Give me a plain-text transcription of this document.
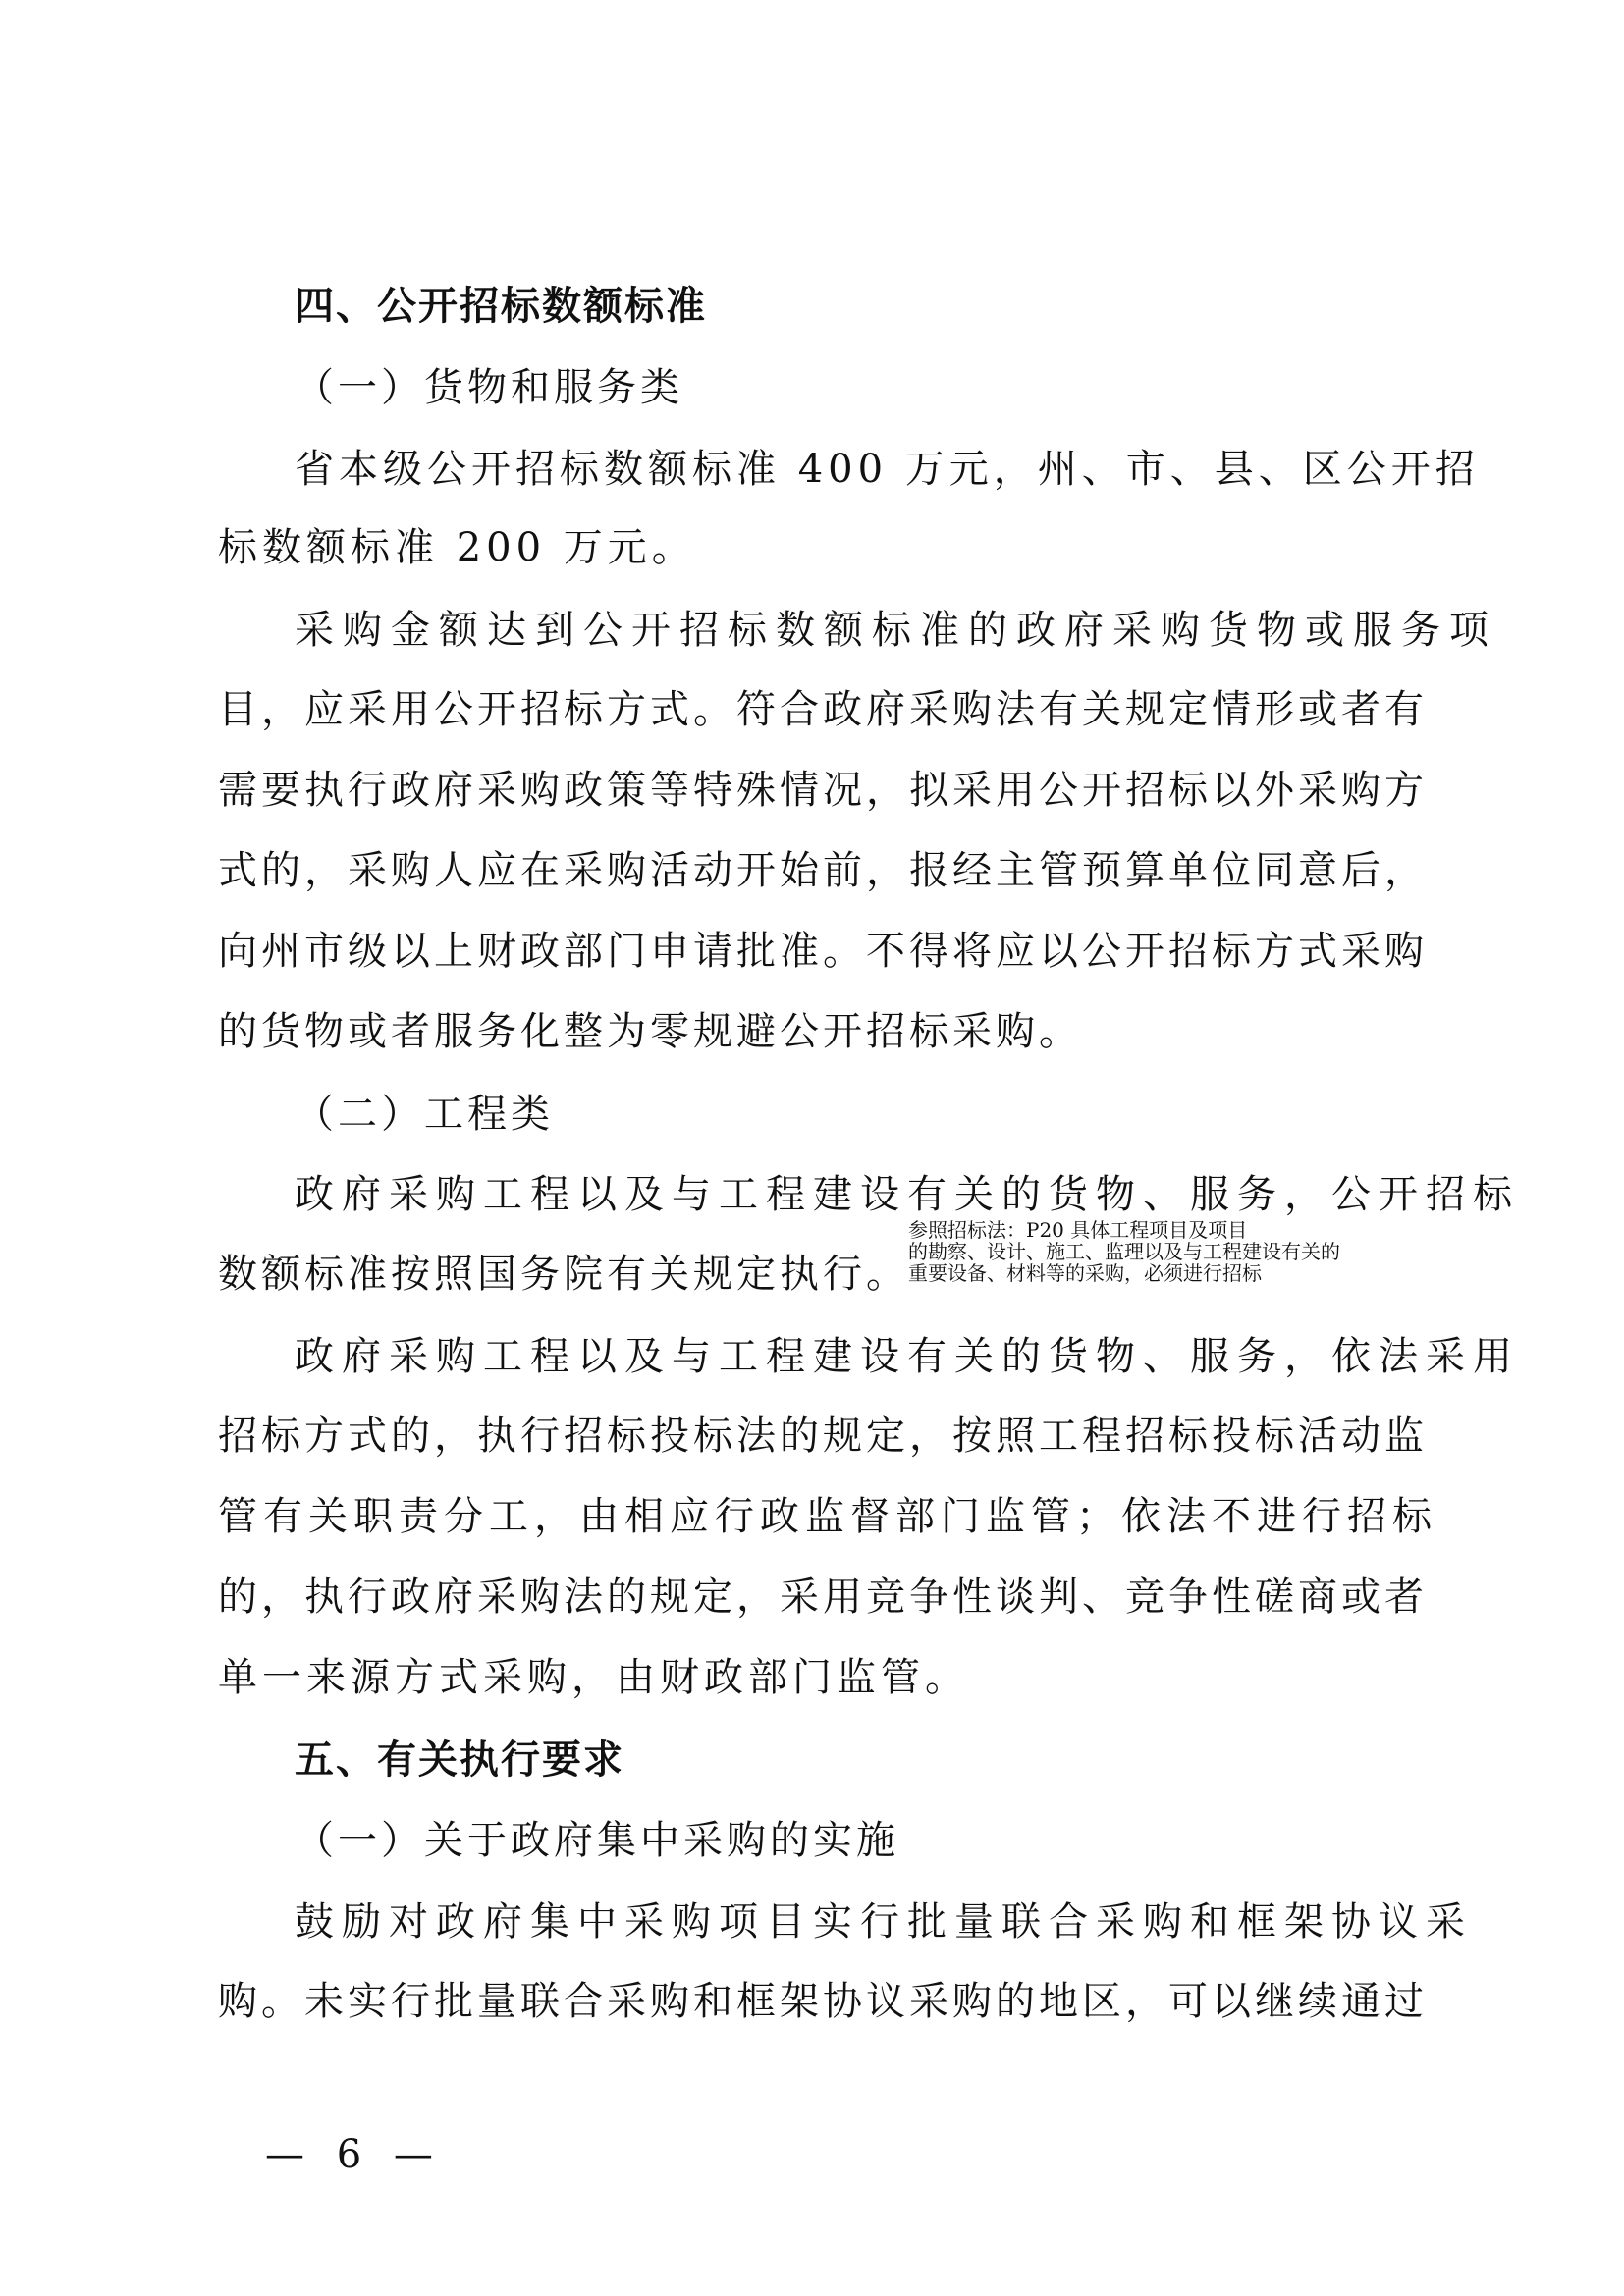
四、公开招标数额标准
（一）货物和服务类
省本级公开招标数额标准 400 万元，州、市、县、区公开招
标数额标准 200 万元。
采购金额达到公开招标数额标准的政府采购货物或服务项
目，应采用公开招标方式。符合政府采购法有关规定情形或者有
需要执行政府采购政策等特殊情况，拟采用公开招标以外采购方
式的，采购人应在采购活动开始前，报经主管预算单位同意后，
向州市级以上财政部门申请批准。不得将应以公开招标方式采购
的货物或者服务化整为零规避公开招标采购。
（二）工程类
政府采购工程以及与工程建设有关的货物、服务，公开招标
数额标准按照国务院有关规定执行。
参照招标法：P20 具体工程项目及项目
的勘察、设计、施工、监理以及与工程建设有关的
重要设备、材料等的采购，必须进行招标
政府采购工程以及与工程建设有关的货物、服务，依法采用
招标方式的，执行招标投标法的规定，按照工程招标投标活动监
管有关职责分工，由相应行政监督部门监管；依法不进行招标
的，执行政府采购法的规定，采用竞争性谈判、竞争性磋商或者
单一来源方式采购，由财政部门监管。
五、有关执行要求
（一）关于政府集中采购的实施
鼓励对政府集中采购项目实行批量联合采购和框架协议采
购。未实行批量联合采购和框架协议采购的地区，可以继续通过
— 6 —
